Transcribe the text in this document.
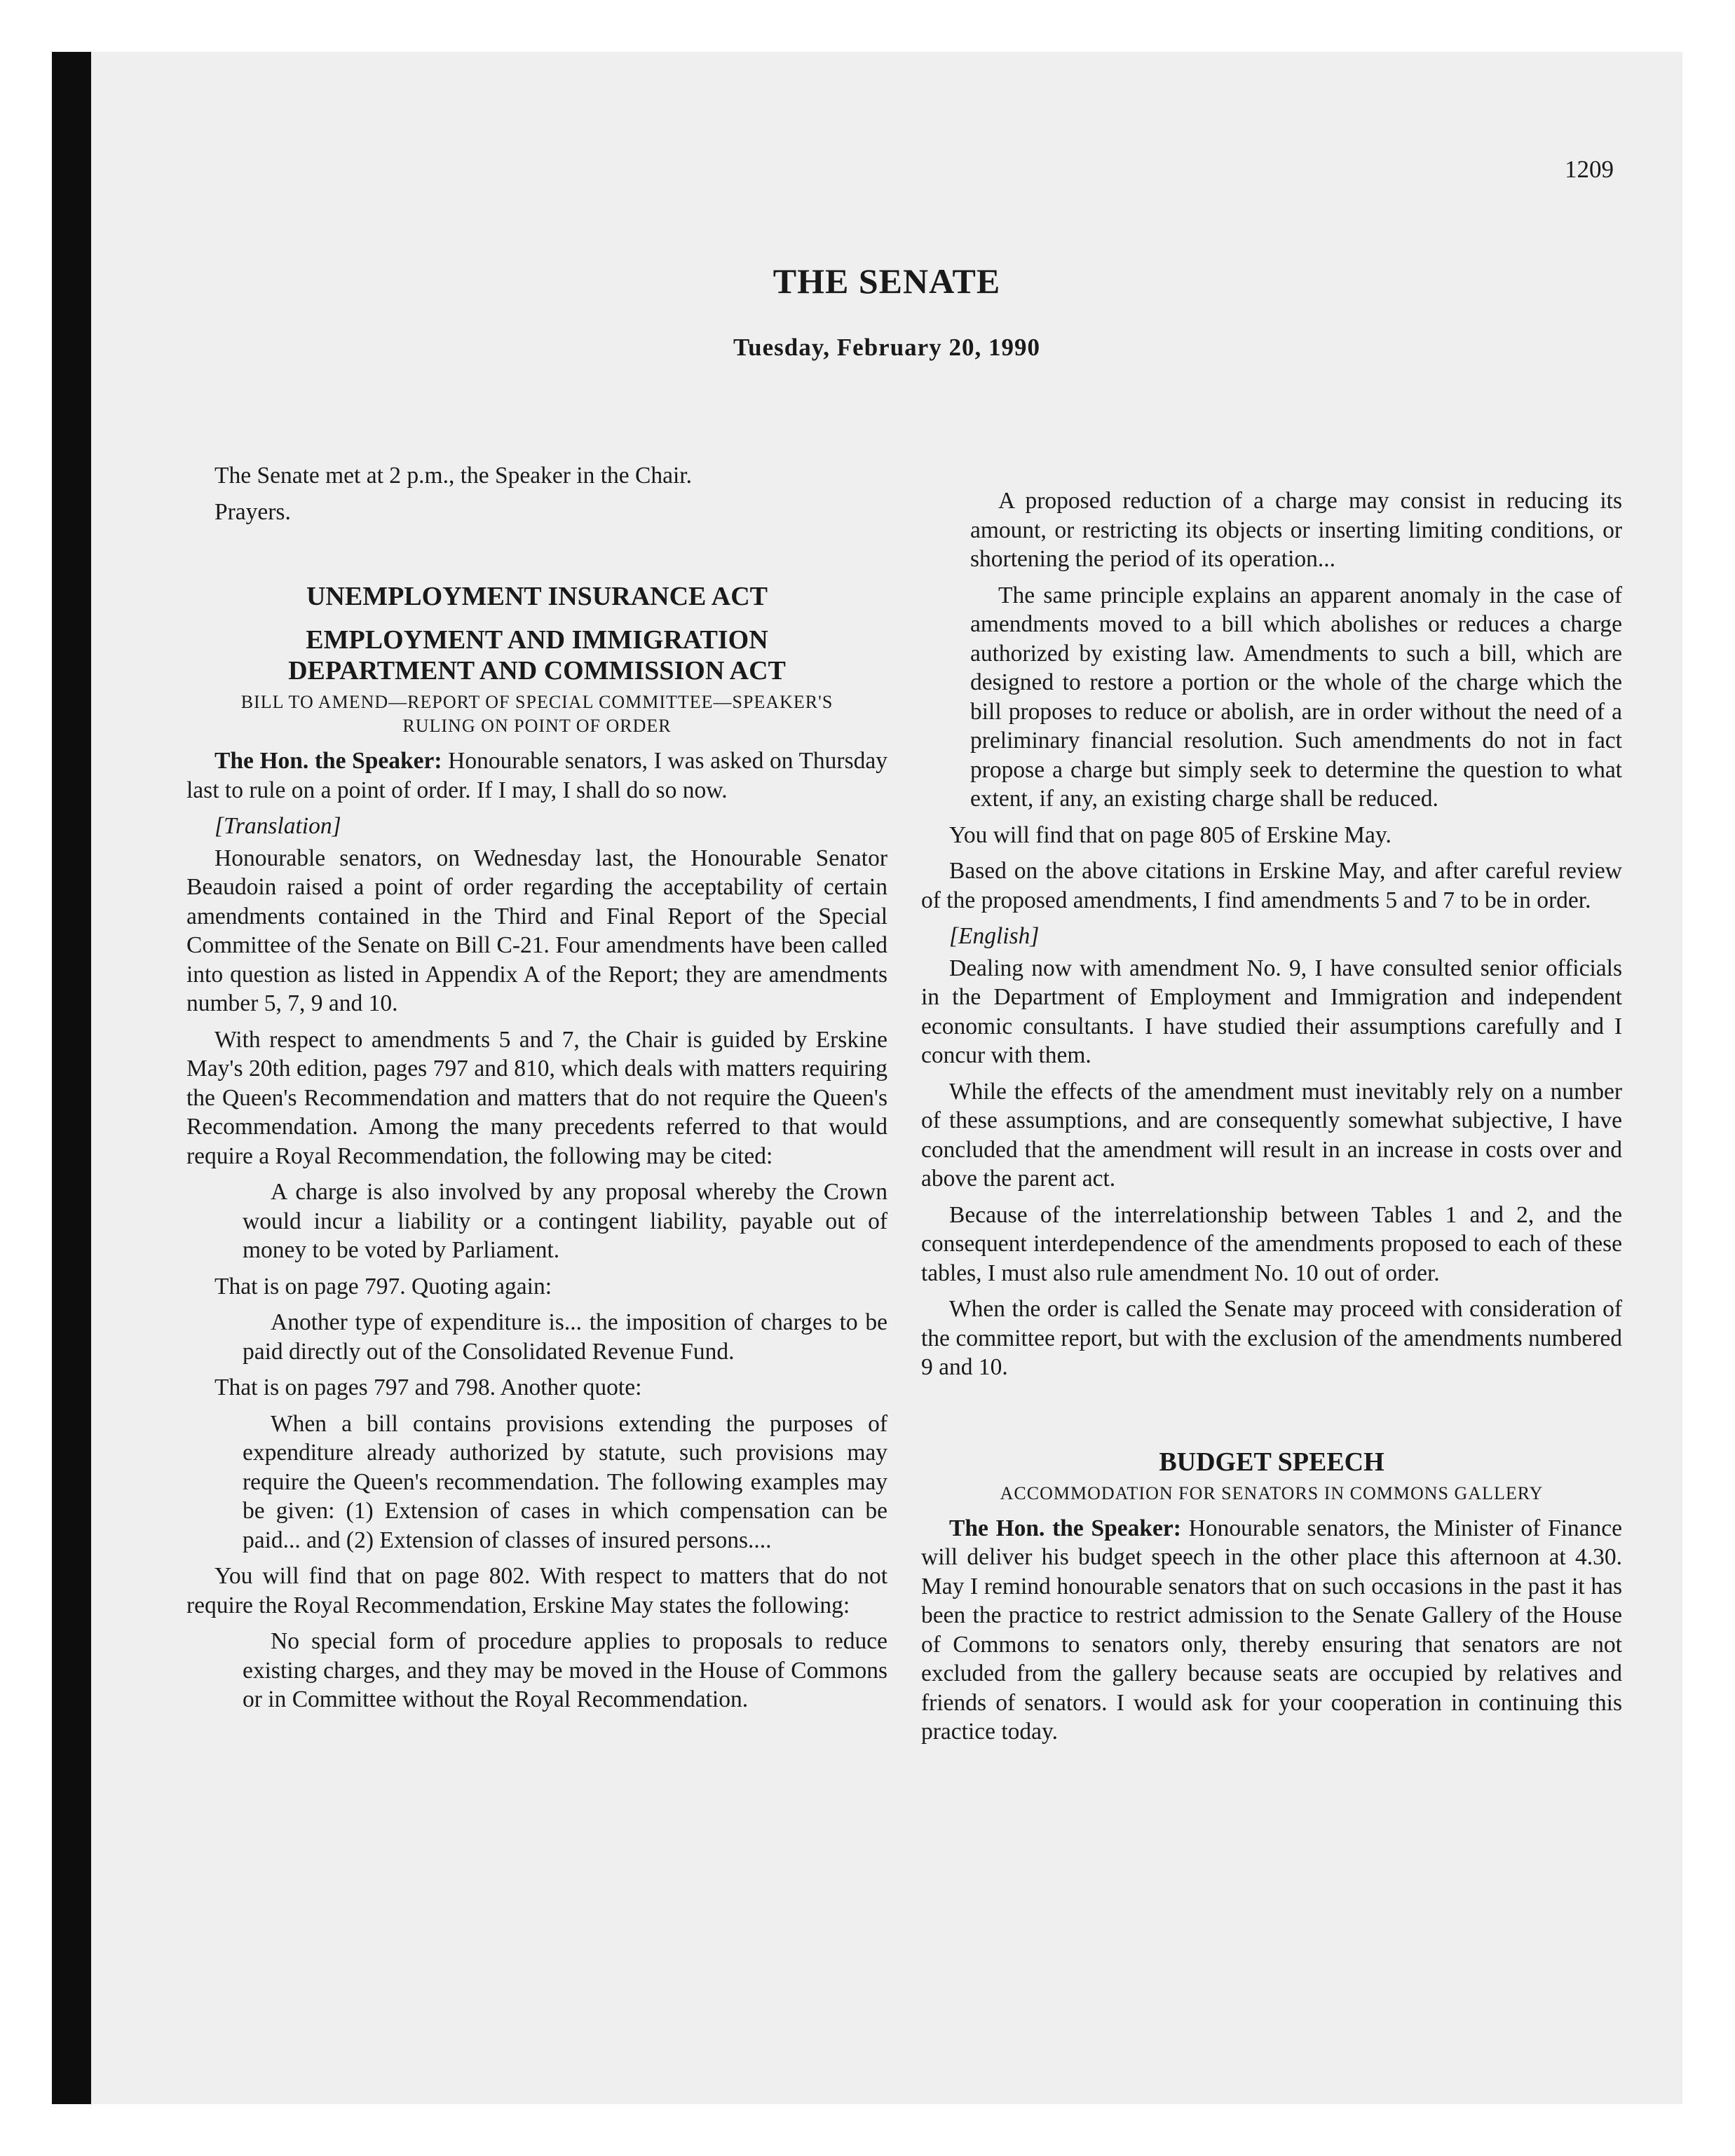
1209
THE SENATE
Tuesday, February 20, 1990

The Senate met at 2 p.m., the Speaker in the Chair.

Prayers.

UNEMPLOYMENT INSURANCE ACT
EMPLOYMENT AND IMMIGRATION DEPARTMENT AND COMMISSION ACT
BILL TO AMEND—REPORT OF SPECIAL COMMITTEE—SPEAKER'S RULING ON POINT OF ORDER

The Hon. the Speaker: Honourable senators, I was asked on Thursday last to rule on a point of order. If I may, I shall do so now.

[Translation]

Honourable senators, on Wednesday last, the Honourable Senator Beaudoin raised a point of order regarding the acceptability of certain amendments contained in the Third and Final Report of the Special Committee of the Senate on Bill C-21. Four amendments have been called into question as listed in Appendix A of the Report; they are amendments number 5, 7, 9 and 10.

With respect to amendments 5 and 7, the Chair is guided by Erskine May's 20th edition, pages 797 and 810, which deals with matters requiring the Queen's Recommendation and matters that do not require the Queen's Recommendation. Among the many precedents referred to that would require a Royal Recommendation, the following may be cited:

A charge is also involved by any proposal whereby the Crown would incur a liability or a contingent liability, payable out of money to be voted by Parliament.

That is on page 797. Quoting again:

Another type of expenditure is... the imposition of charges to be paid directly out of the Consolidated Revenue Fund.

That is on pages 797 and 798. Another quote:

When a bill contains provisions extending the purposes of expenditure already authorized by statute, such provisions may require the Queen's recommendation. The following examples may be given: (1) Extension of cases in which compensation can be paid... and (2) Extension of classes of insured persons....

You will find that on page 802. With respect to matters that do not require the Royal Recommendation, Erskine May states the following:

No special form of procedure applies to proposals to reduce existing charges, and they may be moved in the House of Commons or in Committee without the Royal Recommendation.
A proposed reduction of a charge may consist in reducing its amount, or restricting its objects or inserting limiting conditions, or shortening the period of its operation...
The same principle explains an apparent anomaly in the case of amendments moved to a bill which abolishes or reduces a charge authorized by existing law. Amendments to such a bill, which are designed to restore a portion or the whole of the charge which the bill proposes to reduce or abolish, are in order without the need of a preliminary financial resolution. Such amendments do not in fact propose a charge but simply seek to determine the question to what extent, if any, an existing charge shall be reduced.

You will find that on page 805 of Erskine May.

Based on the above citations in Erskine May, and after careful review of the proposed amendments, I find amendments 5 and 7 to be in order.

[English]

Dealing now with amendment No. 9, I have consulted senior officials in the Department of Employment and Immigration and independent economic consultants. I have studied their assumptions carefully and I concur with them.

While the effects of the amendment must inevitably rely on a number of these assumptions, and are consequently somewhat subjective, I have concluded that the amendment will result in an increase in costs over and above the parent act.

Because of the interrelationship between Tables 1 and 2, and the consequent interdependence of the amendments proposed to each of these tables, I must also rule amendment No. 10 out of order.

When the order is called the Senate may proceed with consideration of the committee report, but with the exclusion of the amendments numbered 9 and 10.

BUDGET SPEECH
ACCOMMODATION FOR SENATORS IN COMMONS GALLERY

The Hon. the Speaker: Honourable senators, the Minister of Finance will deliver his budget speech in the other place this afternoon at 4.30. May I remind honourable senators that on such occasions in the past it has been the practice to restrict admission to the Senate Gallery of the House of Commons to senators only, thereby ensuring that senators are not excluded from the gallery because seats are occupied by relatives and friends of senators. I would ask for your cooperation in continuing this practice today.
